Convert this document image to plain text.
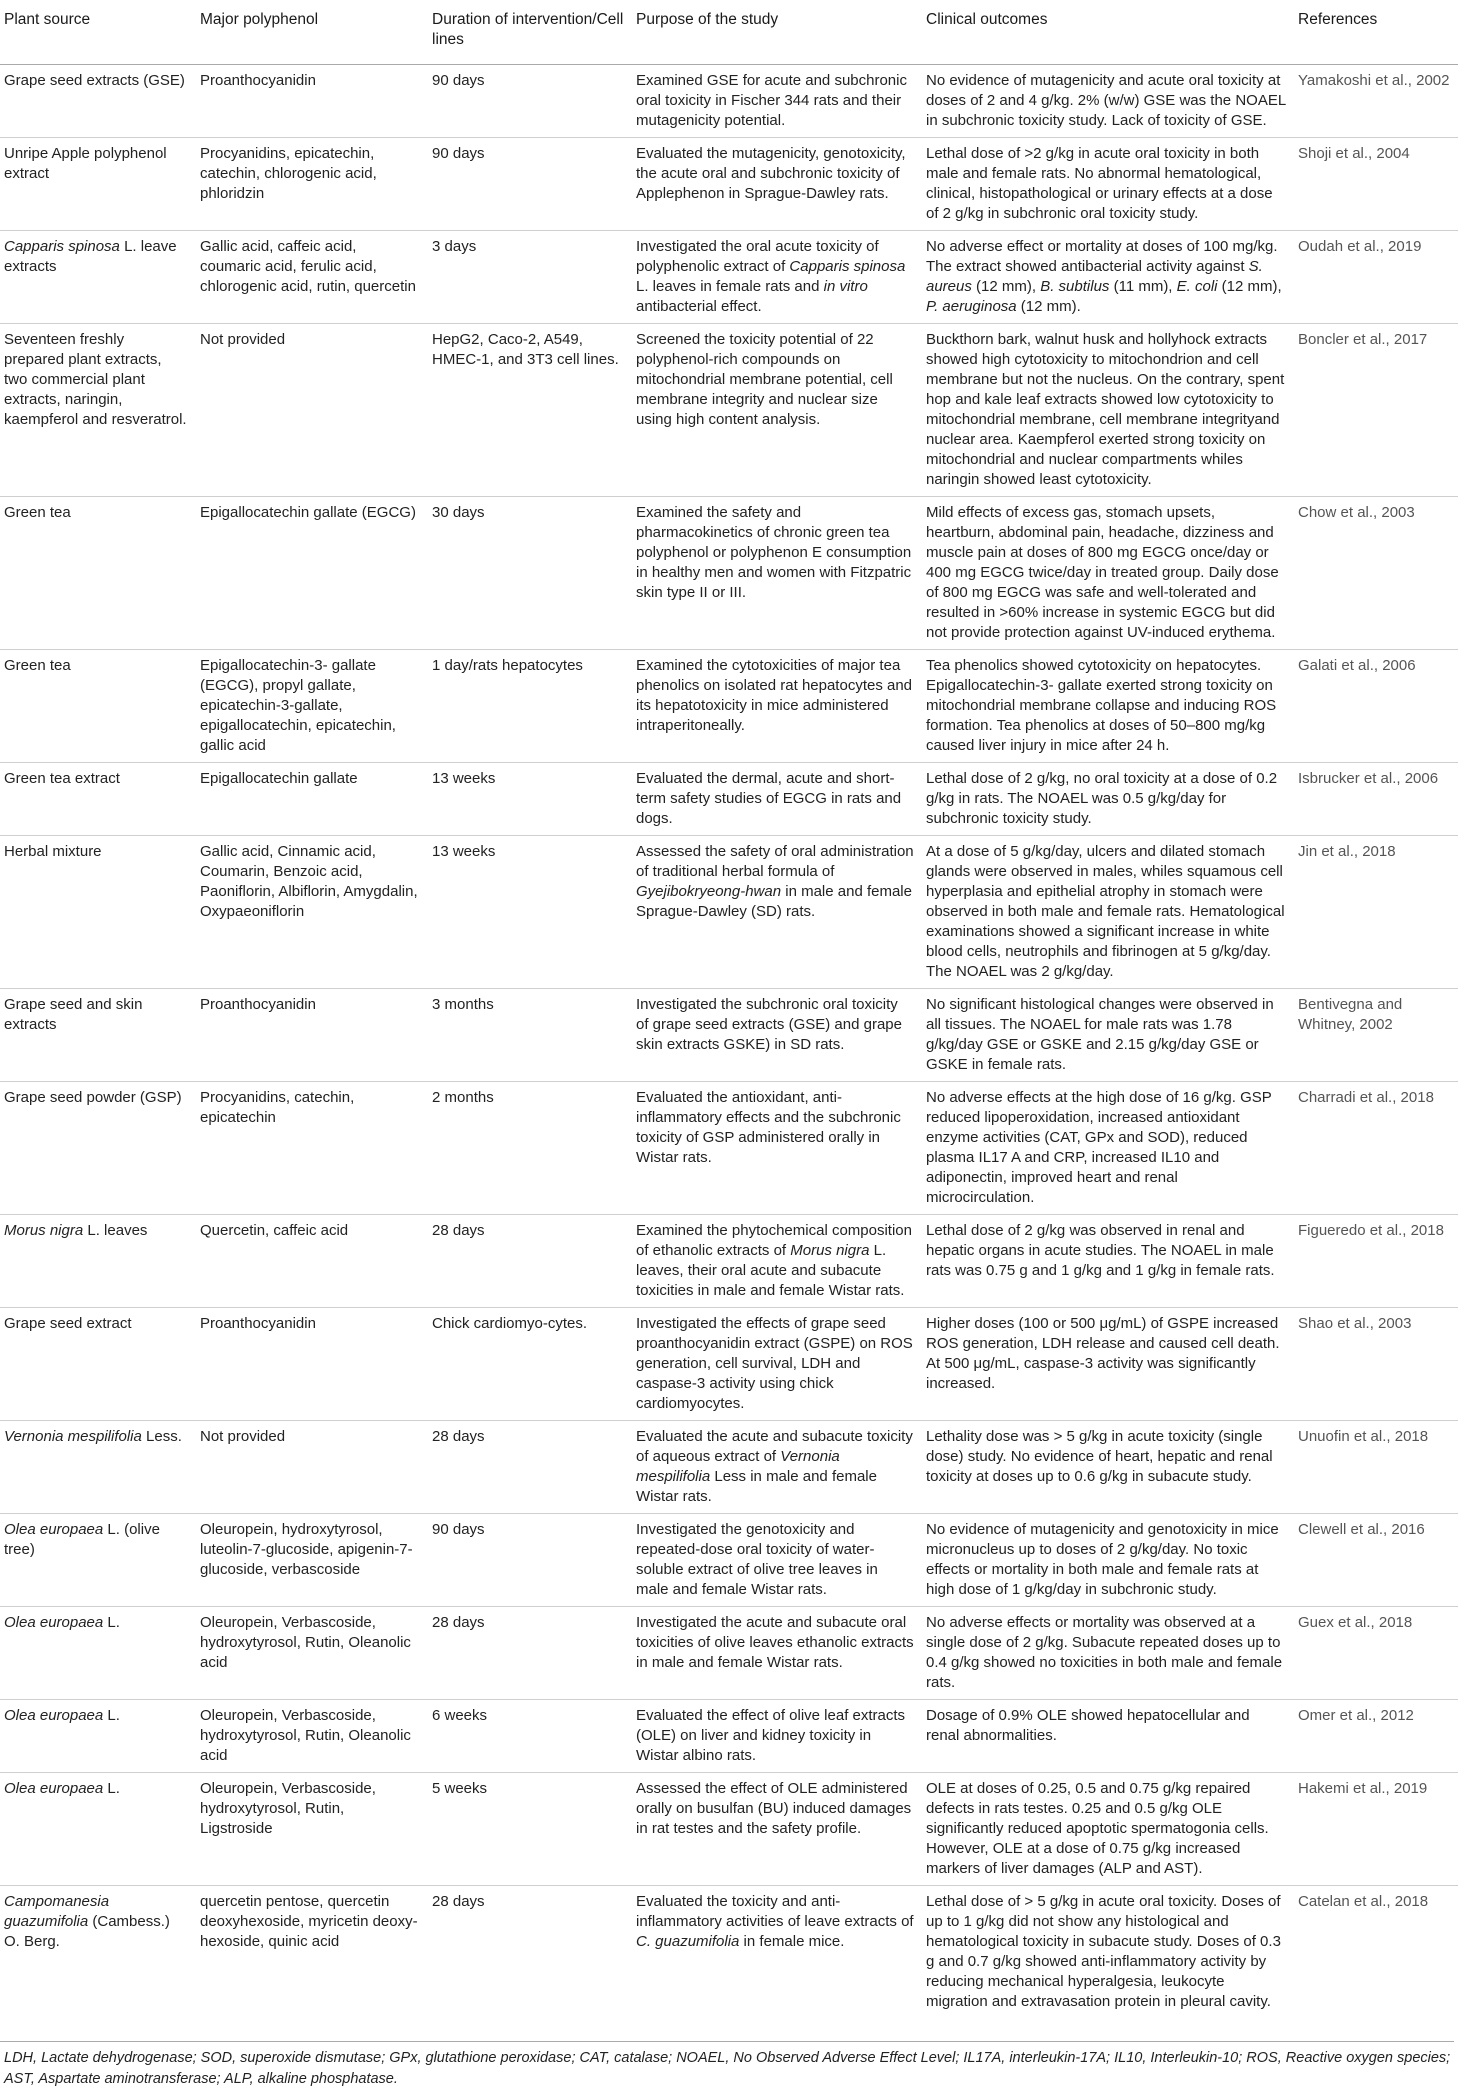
Plant source	Major polyphenol	Duration of intervention/Cell lines	Purpose of the study	Clinical outcomes	References
Grape seed extracts (GSE)	Proanthocyanidin	90 days	Examined GSE for acute and subchronic oral toxicity in Fischer 344 rats and their mutagenicity potential.	No evidence of mutagenicity and acute oral toxicity at doses of 2 and 4 g/kg. 2% (w/w) GSE was the NOAEL in subchronic toxicity study. Lack of toxicity of GSE.	Yamakoshi et al., 2002
Unripe Apple polyphenol extract	Procyanidins, epicatechin, catechin, chlorogenic acid, phloridzin	90 days	Evaluated the mutagenicity, genotoxicity, the acute oral and subchronic toxicity of Applephenon in Sprague-Dawley rats.	Lethal dose of >2 g/kg in acute oral toxicity in both male and female rats. No abnormal hematological, clinical, histopathological or urinary effects at a dose of 2 g/kg in subchronic oral toxicity study.	Shoji et al., 2004
Capparis spinosa L. leave extracts	Gallic acid, caffeic acid, coumaric acid, ferulic acid, chlorogenic acid, rutin, quercetin	3 days	Investigated the oral acute toxicity of polyphenolic extract of Capparis spinosa L. leaves in female rats and in vitro antibacterial effect.	No adverse effect or mortality at doses of 100 mg/kg. The extract showed antibacterial activity against S. aureus (12 mm), B. subtilus (11 mm), E. coli (12 mm), P. aeruginosa (12 mm).	Oudah et al., 2019
Seventeen freshly prepared plant extracts, two commercial plant extracts, naringin, kaempferol and resveratrol.	Not provided	HepG2, Caco-2, A549, HMEC-1, and 3T3 cell lines.	Screened the toxicity potential of 22 polyphenol-rich compounds on mitochondrial membrane potential, cell membrane integrity and nuclear size using high content analysis.	Buckthorn bark, walnut husk and hollyhock extracts showed high cytotoxicity to mitochondrion and cell membrane but not the nucleus. On the contrary, spent hop and kale leaf extracts showed low cytotoxicity to mitochondrial membrane, cell membrane integrityand nuclear area. Kaempferol exerted strong toxicity on mitochondrial and nuclear compartments whiles naringin showed least cytotoxicity.	Boncler et al., 2017
Green tea	Epigallocatechin gallate (EGCG)	30 days	Examined the safety and pharmacokinetics of chronic green tea polyphenol or polyphenon E consumption in healthy men and women with Fitzpatric skin type II or III.	Mild effects of excess gas, stomach upsets, heartburn, abdominal pain, headache, dizziness and muscle pain at doses of 800 mg EGCG once/day or 400 mg EGCG twice/day in treated group. Daily dose of 800 mg EGCG was safe and well-tolerated and resulted in >60% increase in systemic EGCG but did not provide protection against UV-induced erythema.	Chow et al., 2003
Green tea	Epigallocatechin-3- gallate (EGCG), propyl gallate, epicatechin-3-gallate, epigallocatechin, epicatechin, gallic acid	1 day/rats hepatocytes	Examined the cytotoxicities of major tea phenolics on isolated rat hepatocytes and its hepatotoxicity in mice administered intraperitoneally.	Tea phenolics showed cytotoxicity on hepatocytes. Epigallocatechin-3- gallate exerted strong toxicity on mitochondrial membrane collapse and inducing ROS formation. Tea phenolics at doses of 50–800 mg/kg caused liver injury in mice after 24 h.	Galati et al., 2006
Green tea extract	Epigallocatechin gallate	13 weeks	Evaluated the dermal, acute and short-term safety studies of EGCG in rats and dogs.	Lethal dose of 2 g/kg, no oral toxicity at a dose of 0.2 g/kg in rats. The NOAEL was 0.5 g/kg/day for subchronic toxicity study.	Isbrucker et al., 2006
Herbal mixture	Gallic acid, Cinnamic acid, Coumarin, Benzoic acid, Paoniflorin, Albiflorin, Amygdalin, Oxypaeoniflorin	13 weeks	Assessed the safety of oral administration of traditional herbal formula of Gyejibokryeong-hwan in male and female Sprague-Dawley (SD) rats.	At a dose of 5 g/kg/day, ulcers and dilated stomach glands were observed in males, whiles squamous cell hyperplasia and epithelial atrophy in stomach were observed in both male and female rats. Hematological examinations showed a significant increase in white blood cells, neutrophils and fibrinogen at 5 g/kg/day. The NOAEL was 2 g/kg/day.	Jin et al., 2018
Grape seed and skin extracts	Proanthocyanidin	3 months	Investigated the subchronic oral toxicity of grape seed extracts (GSE) and grape skin extracts GSKE) in SD rats.	No significant histological changes were observed in all tissues. The NOAEL for male rats was 1.78 g/kg/day GSE or GSKE and 2.15 g/kg/day GSE or GSKE in female rats.	Bentivegna and Whitney, 2002
Grape seed powder (GSP)	Procyanidins, catechin, epicatechin	2 months	Evaluated the antioxidant, anti-inflammatory effects and the subchronic toxicity of GSP administered orally in Wistar rats.	No adverse effects at the high dose of 16 g/kg. GSP reduced lipoperoxidation, increased antioxidant enzyme activities (CAT, GPx and SOD), reduced plasma IL17 A and CRP, increased IL10 and adiponectin, improved heart and renal microcirculation.	Charradi et al., 2018
Morus nigra L. leaves	Quercetin, caffeic acid	28 days	Examined the phytochemical composition of ethanolic extracts of Morus nigra L. leaves, their oral acute and subacute toxicities in male and female Wistar rats.	Lethal dose of 2 g/kg was observed in renal and hepatic organs in acute studies. The NOAEL in male rats was 0.75 g and 1 g/kg and 1 g/kg in female rats.	Figueredo et al., 2018
Grape seed extract	Proanthocyanidin	Chick cardiomyo-cytes.	Investigated the effects of grape seed proanthocyanidin extract (GSPE) on ROS generation, cell survival, LDH and caspase-3 activity using chick cardiomyocytes.	Higher doses (100 or 500 μg/mL) of GSPE increased ROS generation, LDH release and caused cell death. At 500 μg/mL, caspase-3 activity was significantly increased.	Shao et al., 2003
Vernonia mespilifolia Less.	Not provided	28 days	Evaluated the acute and subacute toxicity of aqueous extract of Vernonia mespilifolia Less in male and female Wistar rats.	Lethality dose was > 5 g/kg in acute toxicity (single dose) study. No evidence of heart, hepatic and renal toxicity at doses up to 0.6 g/kg in subacute study.	Unuofin et al., 2018
Olea europaea L. (olive tree)	Oleuropein, hydroxytyrosol, luteolin-7-glucoside, apigenin-7-glucoside, verbascoside	90 days	Investigated the genotoxicity and repeated-dose oral toxicity of water-soluble extract of olive tree leaves in male and female Wistar rats.	No evidence of mutagenicity and genotoxicity in mice micronucleus up to doses of 2 g/kg/day. No toxic effects or mortality in both male and female rats at high dose of 1 g/kg/day in subchronic study.	Clewell et al., 2016
Olea europaea L.	Oleuropein, Verbascoside, hydroxytyrosol, Rutin, Oleanolic acid	28 days	Investigated the acute and subacute oral toxicities of olive leaves ethanolic extracts in male and female Wistar rats.	No adverse effects or mortality was observed at a single dose of 2 g/kg. Subacute repeated doses up to 0.4 g/kg showed no toxicities in both male and female rats.	Guex et al., 2018
Olea europaea L.	Oleuropein, Verbascoside, hydroxytyrosol, Rutin, Oleanolic acid	6 weeks	Evaluated the effect of olive leaf extracts (OLE) on liver and kidney toxicity in Wistar albino rats.	Dosage of 0.9% OLE showed hepatocellular and renal abnormalities.	Omer et al., 2012
Olea europaea L.	Oleuropein, Verbascoside, hydroxytyrosol, Rutin, Ligstroside	5 weeks	Assessed the effect of OLE administered orally on busulfan (BU) induced damages in rat testes and the safety profile.	OLE at doses of 0.25, 0.5 and 0.75 g/kg repaired defects in rats testes. 0.25 and 0.5 g/kg OLE significantly reduced apoptotic spermatogonia cells. However, OLE at a dose of 0.75 g/kg increased markers of liver damages (ALP and AST).	Hakemi et al., 2019
Campomanesia guazumifolia (Cambess.) O. Berg.	quercetin pentose, quercetin deoxyhexoside, myricetin deoxy-hexoside, quinic acid	28 days	Evaluated the toxicity and anti-inflammatory activities of leave extracts of C. guazumifolia in female mice.	Lethal dose of > 5 g/kg in acute oral toxicity. Doses of up to 1 g/kg did not show any histological and hematological toxicity in subacute study. Doses of 0.3 g and 0.7 g/kg showed anti-inflammatory activity by reducing mechanical hyperalgesia, leukocyte migration and extravasation protein in pleural cavity.	Catelan et al., 2018
LDH, Lactate dehydrogenase; SOD, superoxide dismutase; GPx, glutathione peroxidase; CAT, catalase; NOAEL, No Observed Adverse Effect Level; IL17A, interleukin-17A; IL10, Interleukin-10; ROS, Reactive oxygen species; AST, Aspartate aminotransferase; ALP, alkaline phosphatase.
